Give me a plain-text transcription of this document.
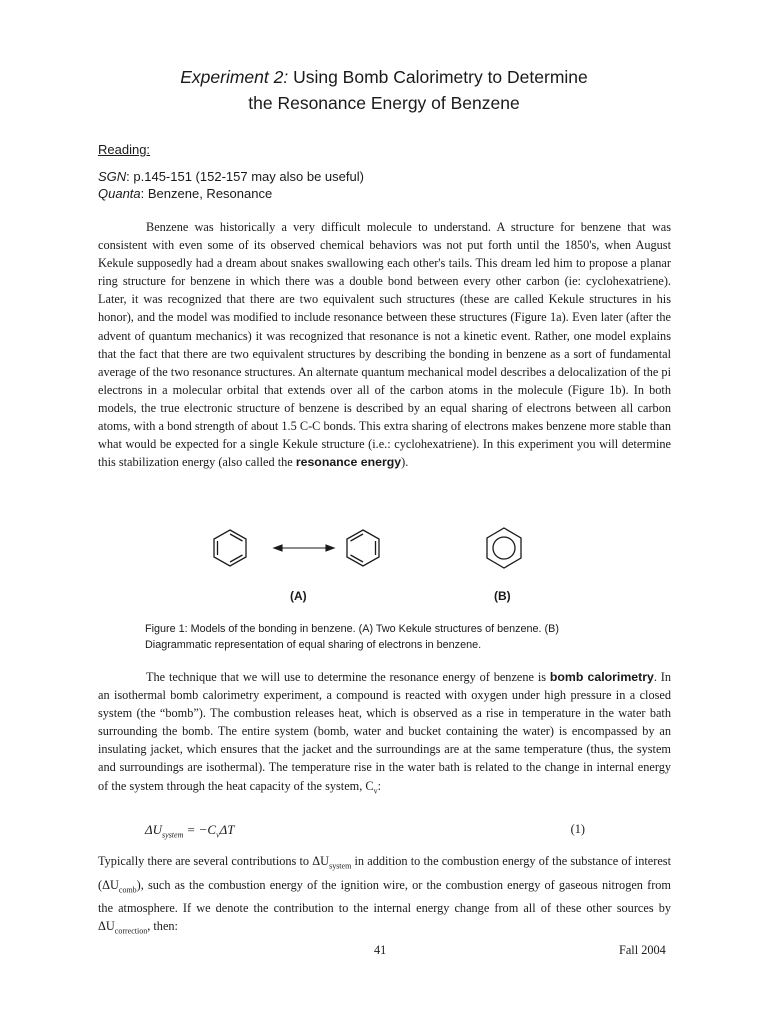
Experiment 2: Using Bomb Calorimetry to Determine
the Resonance Energy of Benzene
Reading:
SGN: p.145-151 (152-157 may also be useful)
Quanta: Benzene, Resonance
Benzene was historically a very difficult molecule to understand. A structure for benzene that was consistent with even some of its observed chemical behaviors was not put forth until the 1850's, when August Kekule supposedly had a dream about snakes swallowing each other's tails. This dream led him to propose a planar ring structure for benzene in which there was a double bond between every other carbon (ie: cyclohexatriene). Later, it was recognized that there are two equivalent such structures (these are called Kekule structures in his honor), and the model was modified to include resonance between these structures (Figure 1a). Even later (after the advent of quantum mechanics) it was recognized that resonance is not a kinetic event. Rather, one model explains that the fact that there are two equivalent structures by describing the bonding in benzene as a sort of fundamental average of the two resonance structures. An alternate quantum mechanical model describes a delocalization of the pi electrons in a molecular orbital that extends over all of the carbon atoms in the molecule (Figure 1b). In both models, the true electronic structure of benzene is described by an equal sharing of electrons between all carbon atoms, with a bond strength of about 1.5 C-C bonds. This extra sharing of electrons makes benzene more stable than what would be expected for a single Kekule structure (i.e.: cyclohexatriene). In this experiment you will determine this stabilization energy (also called the resonance energy).
(A)	(B)
Figure 1: Models of the bonding in benzene. (A) Two Kekule structures of benzene. (B) Diagrammatic representation of equal sharing of electrons in benzene.
The technique that we will use to determine the resonance energy of benzene is bomb calorimetry. In an isothermal bomb calorimetry experiment, a compound is reacted with oxygen under high pressure in a closed system (the “bomb”). The combustion releases heat, which is observed as a rise in temperature in the water bath surrounding the bomb. The entire system (bomb, water and bucket containing the water) is encompassed by an insulating jacket, which ensures that the jacket and the surroundings are at the same temperature (thus, the system and surroundings are isothermal). The temperature rise in the water bath is related to the change in internal energy of the system through the heat capacity of the system, $C_v$:
$\Delta U_{system} = -C_v\Delta T$	(1)
Typically there are several contributions to $\Delta U_{system}$ in addition to the combustion energy of the substance of interest $(\Delta U_{comb})$, such as the combustion energy of the ignition wire, or the combustion energy of gaseous nitrogen from the atmosphere. If we denote the contribution to the internal energy change from all of these other sources by $\Delta U_{correction}$, then:
41	Fall 2004
